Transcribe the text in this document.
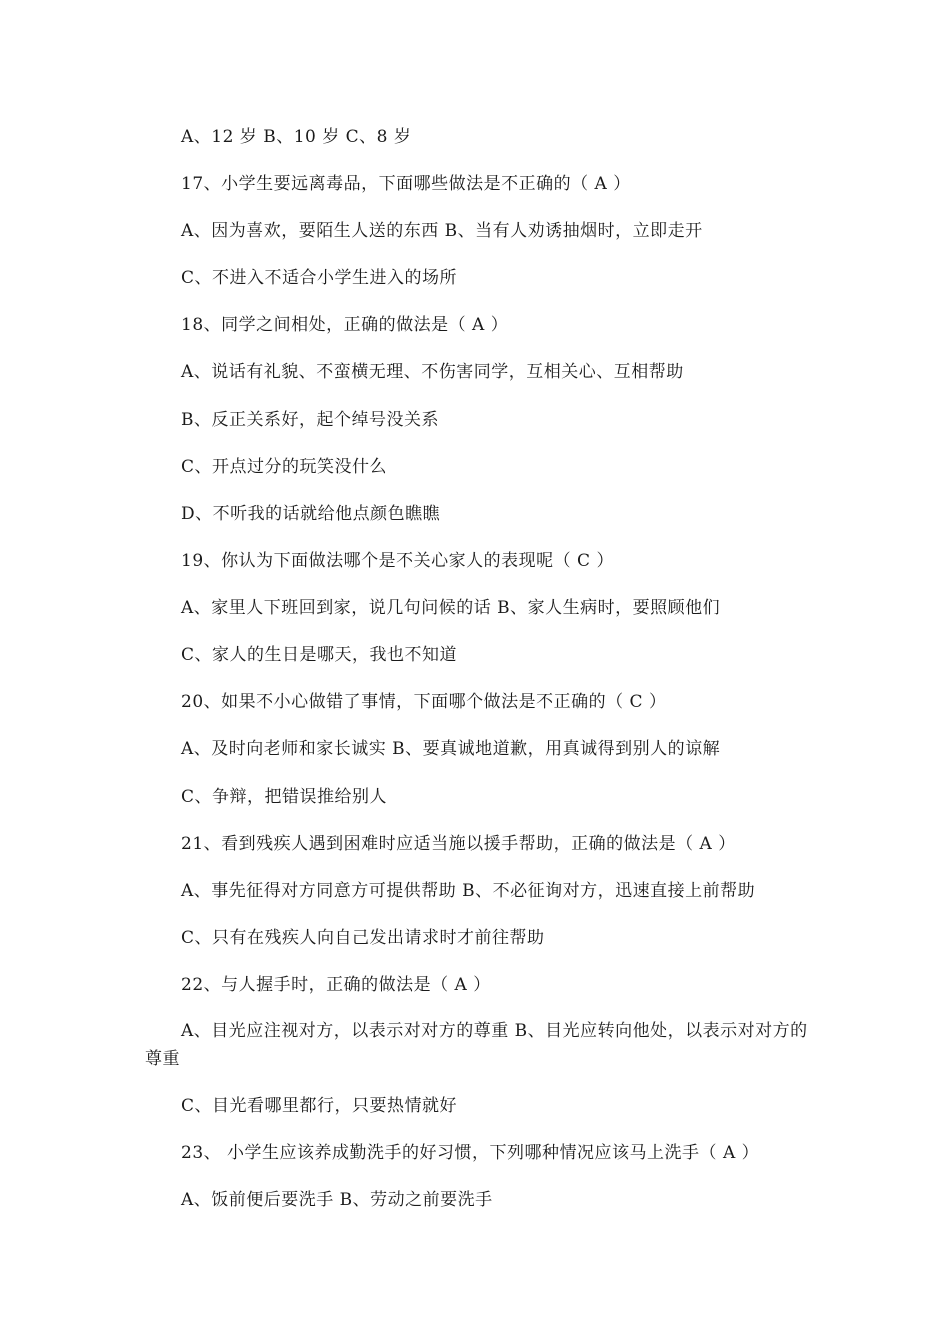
A、12 岁 B、10 岁 C、8 岁
17、小学生要远离毒品，下面哪些做法是不正确的（ A ）
A、因为喜欢，要陌生人送的东西 B、当有人劝诱抽烟时，立即走开
C、不进入不适合小学生进入的场所
18、同学之间相处，正确的做法是（ A ）
A、说话有礼貌、不蛮横无理、不伤害同学，互相关心、互相帮助
B、反正关系好，起个绰号没关系
C、开点过分的玩笑没什么
D、不听我的话就给他点颜色瞧瞧
19、你认为下面做法哪个是不关心家人的表现呢（ C ）
A、家里人下班回到家，说几句问候的话 B、家人生病时，要照顾他们
C、家人的生日是哪天，我也不知道
20、如果不小心做错了事情，下面哪个做法是不正确的（ C ）
A、及时向老师和家长诚实 B、要真诚地道歉，用真诚得到别人的谅解
C、争辩，把错误推给别人
21、看到残疾人遇到困难时应适当施以援手帮助，正确的做法是（ A ）
A、事先征得对方同意方可提供帮助 B、不必征询对方，迅速直接上前帮助
C、只有在残疾人向自己发出请求时才前往帮助
22、与人握手时，正确的做法是（ A ）
A、目光应注视对方，以表示对对方的尊重 B、目光应转向他处，以表示对对方的尊重
C、目光看哪里都行，只要热情就好
23、 小学生应该养成勤洗手的好习惯，下列哪种情况应该马上洗手（ A ）
A、饭前便后要洗手 B、劳动之前要洗手
